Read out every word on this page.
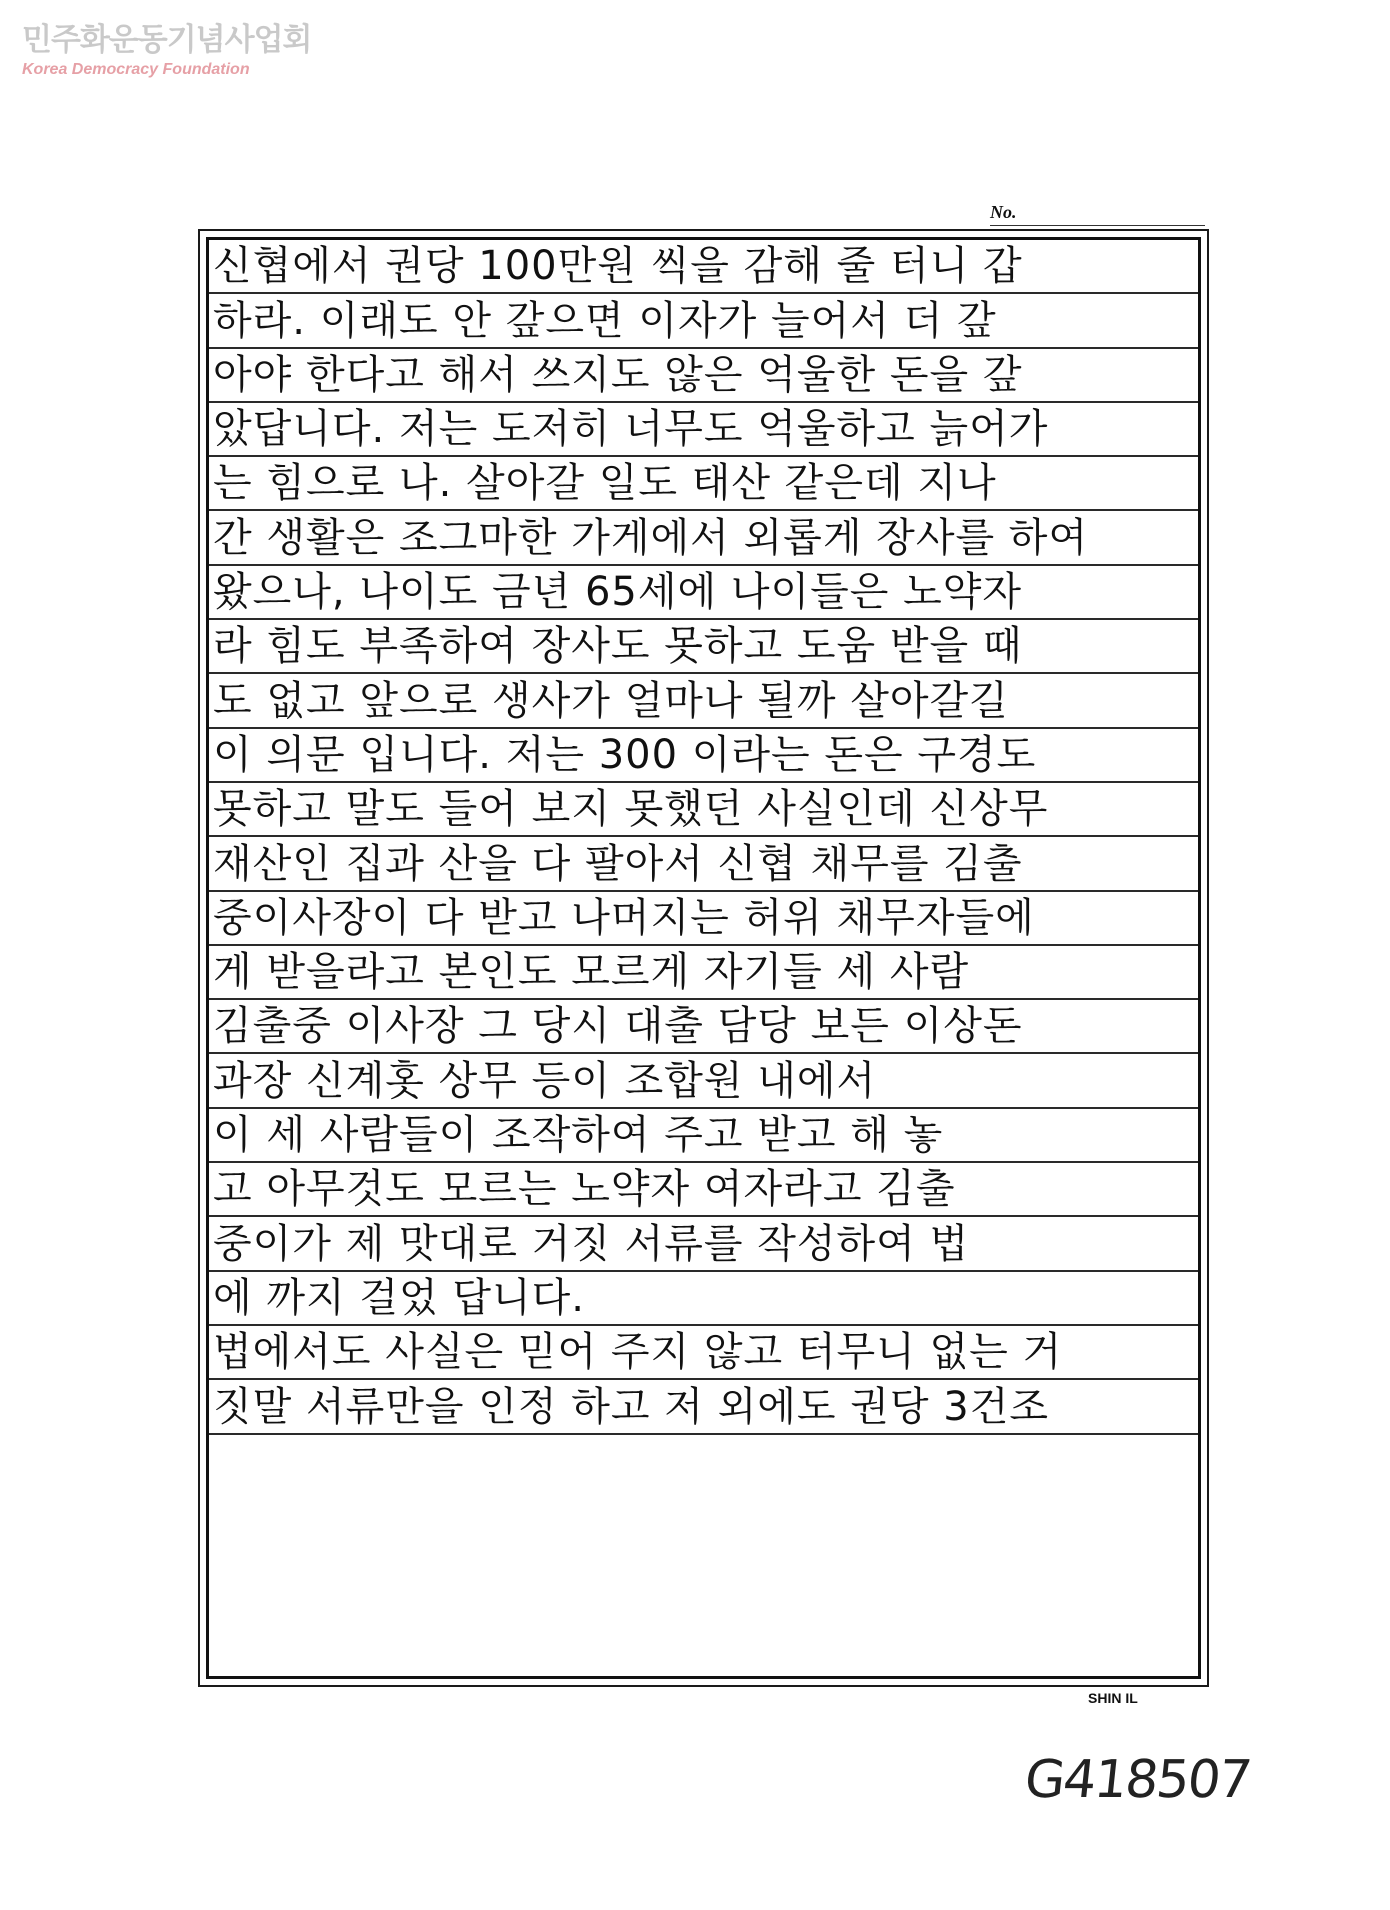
민주화운동기념사업회
Korea Democracy Foundation
No.
신협에서 권당 100만원 씩을 감해 줄 터니 갑
하라. 이래도 안 갚으면 이자가 늘어서 더 갚
아야 한다고 해서 쓰지도 않은 억울한 돈을 갚
았답니다. 저는 도저히 너무도 억울하고 늙어가
는 힘으로 나. 살아갈 일도 태산 같은데 지나
간 생활은 조그마한 가게에서 외롭게 장사를 하여
왔으나, 나이도 금년 65세에 나이들은 노약자
라 힘도 부족하여 장사도 못하고 도움 받을 때
도 없고 앞으로 생사가 얼마나 될까 살아갈길
이 의문 입니다. 저는 300 이라는 돈은 구경도
못하고 말도 들어 보지 못했던 사실인데 신상무
재산인 집과 산을 다 팔아서 신협 채무를 김출
중이사장이 다 받고 나머지는 허위 채무자들에
게 받을라고 본인도 모르게 자기들 세 사람
김출중 이사장 그 당시 대출 담당 보든 이상돈
과장 신계홋 상무 등이 조합원 내에서
이 세 사람들이 조작하여 주고 받고 해 놓
고 아무것도 모르는 노약자 여자라고 김출
중이가 제 맛대로 거짓 서류를 작성하여 법
에 까지 걸었 답니다.
법에서도 사실은 믿어 주지 않고 터무니 없는 거
짓말 서류만을 인정 하고 저 외에도 권당 3건조
SHIN IL
G418507
